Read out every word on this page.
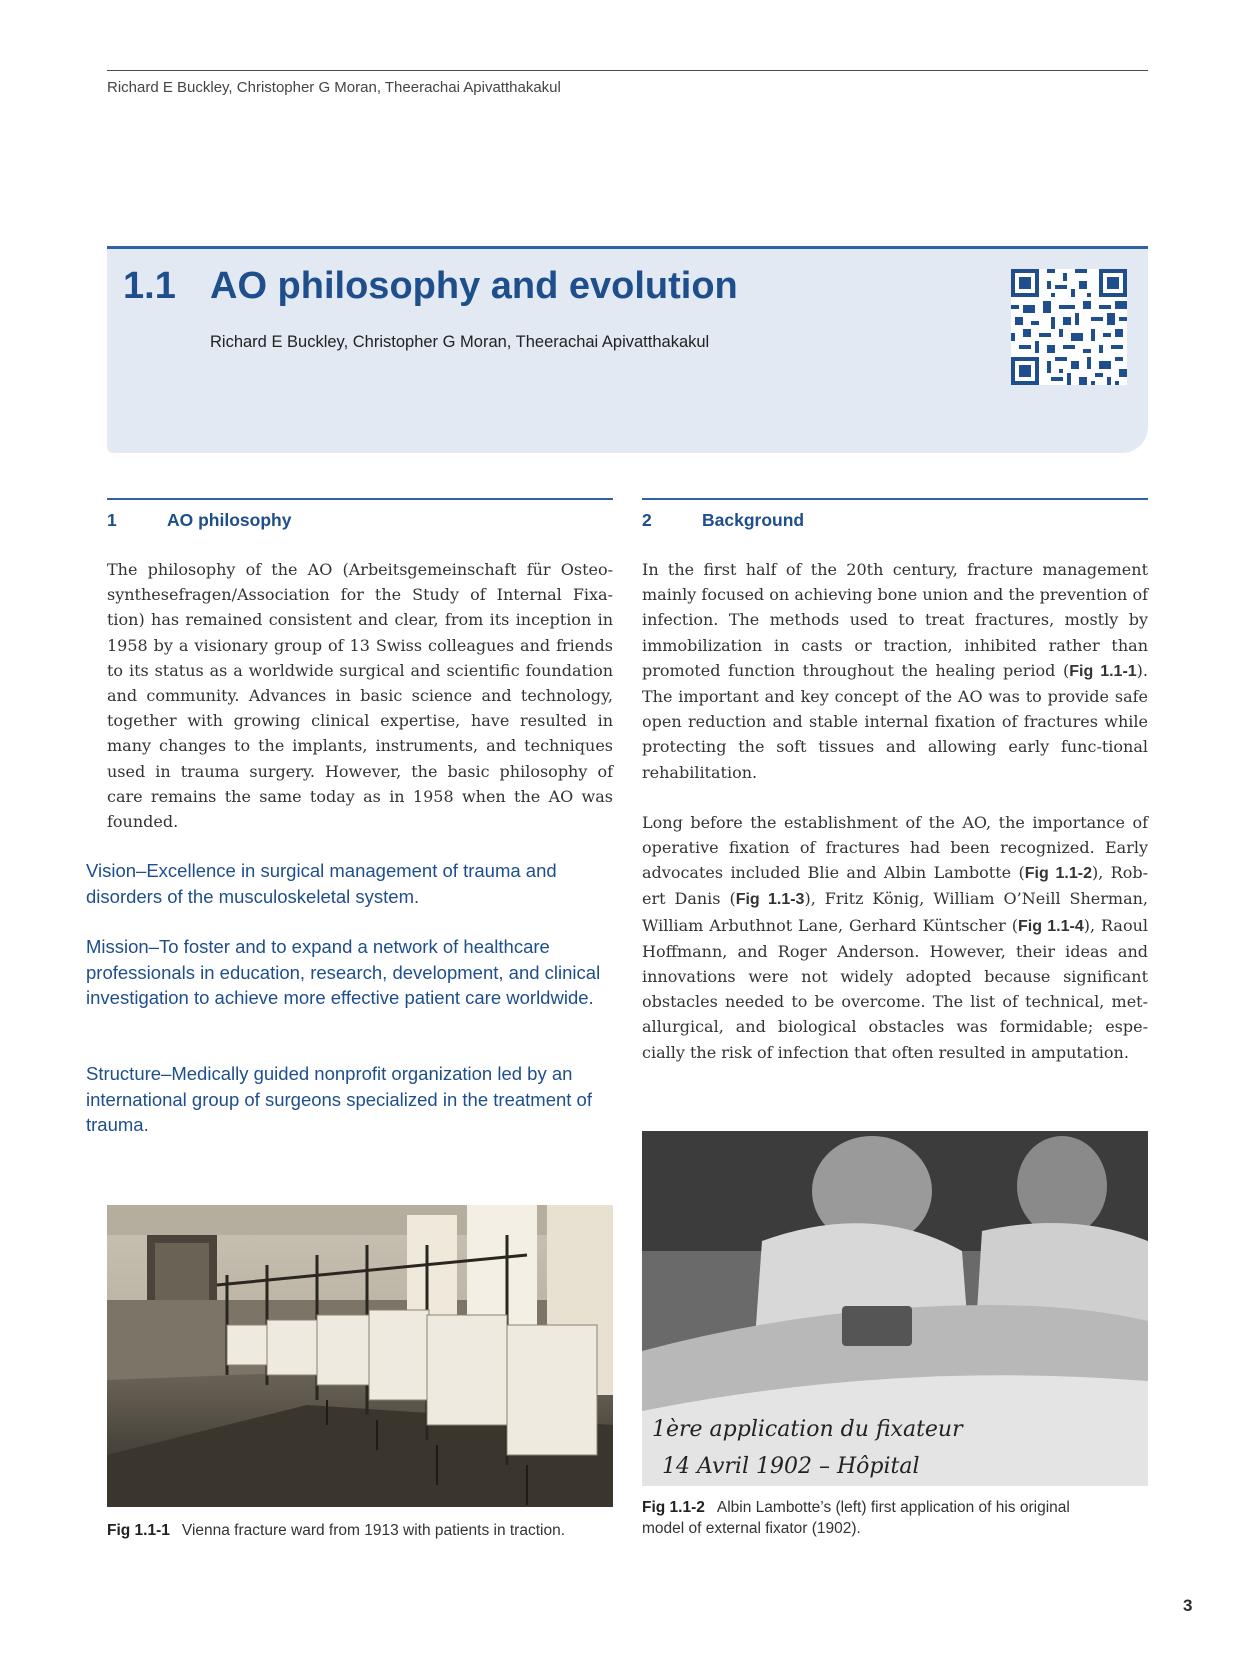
Richard E Buckley, Christopher G Moran, Theerachai Apivatthakakul
1.1 AO philosophy and evolution
Richard E Buckley, Christopher G Moran, Theerachai Apivatthakakul
1	AO philosophy	2	Background

The philosophy of the AO (Arbeitsgemeinschaft für Osteo-synthesefragen/Association for the Study of Internal Fixa-tion) has remained consistent and clear, from its inception in 1958 by a visionary group of 13 Swiss colleagues and friends to its status as a worldwide surgical and scientific foundation and community. Advances in basic science and technology, together with growing clinical expertise, have resulted in many changes to the implants, instruments, and techniques used in trauma surgery. However, the basic philosophy of care remains the same today as in 1958 when the AO was founded.

Vision–Excellence in surgical management of trauma and disorders of the musculoskeletal system.

Mission–To foster and to expand a network of healthcare professionals in education, research, development, and clinical investigation to achieve more effective patient care worldwide.

Structure–Medically guided nonprofit organization led by an international group of surgeons specialized in the treatment of trauma.

In the first half of the 20th century, fracture management mainly focused on achieving bone union and the prevention of infection. The methods used to treat fractures, mostly by immobilization in casts or traction, inhibited rather than promoted function throughout the healing period (Fig 1.1-1). The important and key concept of the AO was to provide safe open reduction and stable internal fixation of fractures while protecting the soft tissues and allowing early func-tional rehabilitation.

Long before the establishment of the AO, the importance of operative fixation of fractures had been recognized. Early advocates included Blie and Albin Lambotte (Fig 1.1-2), Rob-ert Danis (Fig 1.1-3), Fritz König, William O’Neill Sherman, William Arbuthnot Lane, Gerhard Küntscher (Fig 1.1-4), Raoul Hoffmann, and Roger Anderson. However, their ideas and innovations were not widely adopted because significant obstacles needed to be overcome. The list of technical, met-allurgical, and biological obstacles was formidable; espe-cially the risk of infection that often resulted in amputation.

Fig 1.1-1 Vienna fracture ward from 1913 with patients in traction.
1ère application du fixateur
14 Avril 1902 – Hôpital
Fig 1.1-2 Albin Lambotte’s (left) first application of his original model of external fixator (1902).
3
